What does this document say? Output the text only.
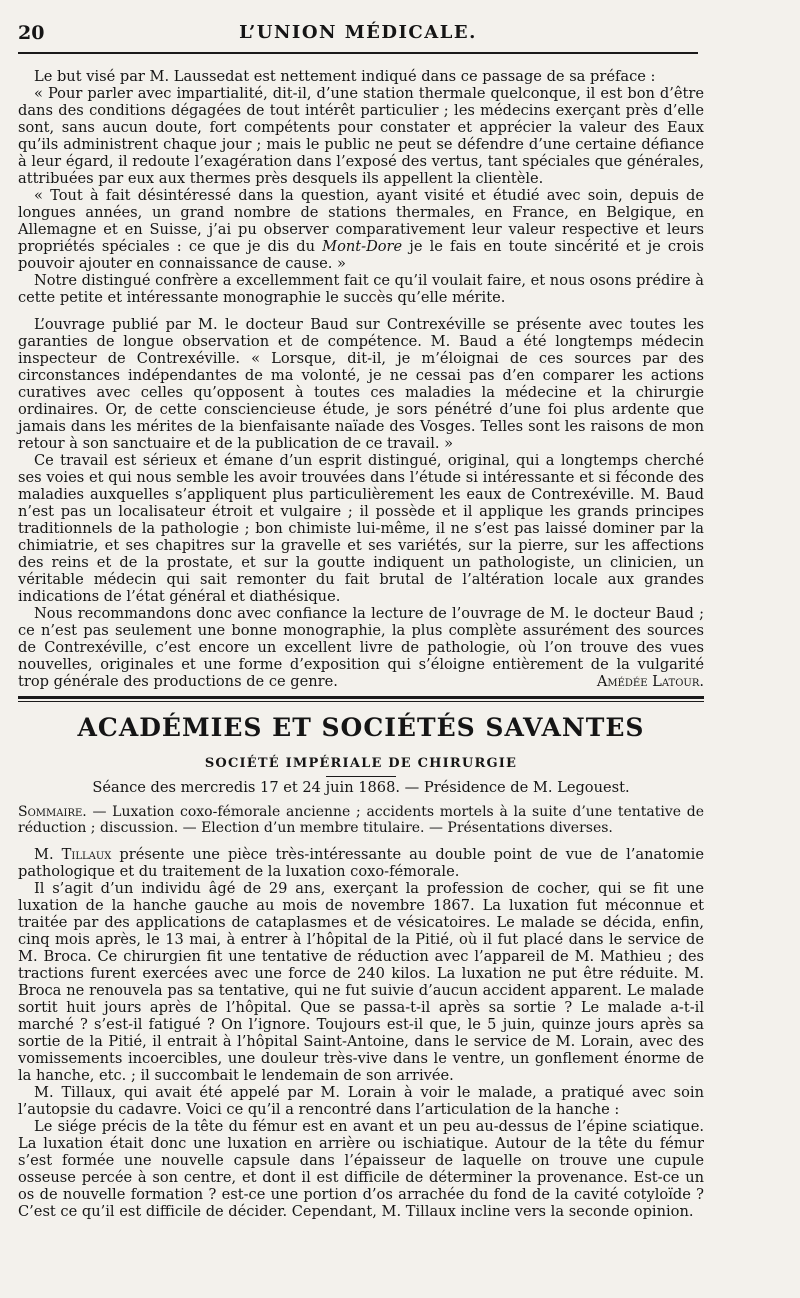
20	L’UNION MÉDICALE.

Le but visé par M. Laussedat est nettement indiqué dans ce passage de sa préface :

« Pour parler avec impartialité, dit-il, d’une station thermale quelconque, il est bon d’être dans des conditions dégagées de tout intérêt particulier ; les médecins exerçant près d’elle sont, sans aucun doute, fort compétents pour constater et apprécier la valeur des Eaux qu’ils administrent chaque jour ; mais le public ne peut se défendre d’une certaine défiance à leur égard, il redoute l’exagération dans l’exposé des vertus, tant spéciales que générales, attribuées par eux aux thermes près desquels ils appellent la clientèle.

« Tout à fait désintéressé dans la question, ayant visité et étudié avec soin, depuis de longues années, un grand nombre de stations thermales, en France, en Belgique, en Allemagne et en Suisse, j’ai pu observer comparativement leur valeur respective et leurs propriétés spéciales : ce que je dis du Mont-Dore je le fais en toute sincérité et je crois pouvoir ajouter en connaissance de cause. »

Notre distingué confrère a excellemment fait ce qu’il voulait faire, et nous osons prédire à cette petite et intéressante monographie le succès qu’elle mérite.

L’ouvrage publié par M. le docteur Baud sur Contrexéville se présente avec toutes les garanties de longue observation et de compétence. M. Baud a été longtemps médecin inspecteur de Contrexéville. « Lorsque, dit-il, je m’éloignai de ces sources par des circonstances indépendantes de ma volonté, je ne cessai pas d’en comparer les actions curatives avec celles qu’opposent à toutes ces maladies la médecine et la chirurgie ordinaires. Or, de cette consciencieuse étude, je sors pénétré d’une foi plus ardente que jamais dans les mérites de la bienfaisante naïade des Vosges. Telles sont les raisons de mon retour à son sanctuaire et de la publication de ce travail. »

Ce travail est sérieux et émane d’un esprit distingué, original, qui a longtemps cherché ses voies et qui nous semble les avoir trouvées dans l’étude si intéressante et si féconde des maladies auxquelles s’appliquent plus particulièrement les eaux de Contrexéville. M. Baud n’est pas un localisateur étroit et vulgaire ; il possède et il applique les grands principes traditionnels de la pathologie ; bon chimiste lui-même, il ne s’est pas laissé dominer par la chimiatrie, et ses chapitres sur la gravelle et ses variétés, sur la pierre, sur les affections des reins et de la prostate, et sur la goutte indiquent un pathologiste, un clinicien, un véritable médecin qui sait remonter du fait brutal de l’altération locale aux grandes indications de l’état général et diathésique.

Nous recommandons donc avec confiance la lecture de l’ouvrage de M. le docteur Baud ; ce n’est pas seulement une bonne monographie, la plus complète assurément des sources de Contrexéville, c’est encore un excellent livre de pathologie, où l’on trouve des vues nouvelles, originales et une forme d’exposition qui s’éloigne entièrement de la vulgarité trop générale des productions de ce genre.	Amédée Latour.

ACADÉMIES ET SOCIÉTÉS SAVANTES
SOCIÉTÉ IMPÉRIALE DE CHIRURGIE

Séance des mercredis 17 et 24 juin 1868. — Présidence de M. Legouest.

Sommaire. — Luxation coxo-fémorale ancienne ; accidents mortels à la suite d’une tentative de réduction ; discussion. — Election d’un membre titulaire. — Présentations diverses.

M. Tillaux présente une pièce très-intéressante au double point de vue de l’anatomie pathologique et du traitement de la luxation coxo-fémorale.

Il s’agit d’un individu âgé de 29 ans, exerçant la profession de cocher, qui se fit une luxation de la hanche gauche au mois de novembre 1867. La luxation fut méconnue et traitée par des applications de cataplasmes et de vésicatoires. Le malade se décida, enfin, cinq mois après, le 13 mai, à entrer à l’hôpital de la Pitié, où il fut placé dans le service de M. Broca. Ce chirurgien fit une tentative de réduction avec l’appareil de M. Mathieu ; des tractions furent exercées avec une force de 240 kilos. La luxation ne put être réduite. M. Broca ne renouvela pas sa tentative, qui ne fut suivie d’aucun accident apparent. Le malade sortit huit jours après de l’hôpital. Que se passa-t-il après sa sortie ? Le malade a-t-il marché ? s’est-il fatigué ? On l’ignore. Toujours est-il que, le 5 juin, quinze jours après sa sortie de la Pitié, il entrait à l’hôpital Saint-Antoine, dans le service de M. Lorain, avec des vomissements incoercibles, une douleur très-vive dans le ventre, un gonflement énorme de la hanche, etc. ; il succombait le lendemain de son arrivée.

M. Tillaux, qui avait été appelé par M. Lorain à voir le malade, a pratiqué avec soin l’autopsie du cadavre. Voici ce qu’il a rencontré dans l’articulation de la hanche :

Le siége précis de la tête du fémur est en avant et un peu au-dessus de l’épine sciatique. La luxation était donc une luxation en arrière ou ischiatique. Autour de la tête du fémur s’est formée une nouvelle capsule dans l’épaisseur de laquelle on trouve une cupule osseuse percée à son centre, et dont il est difficile de déterminer la provenance. Est-ce un os de nouvelle formation ? est-ce une portion d’os arrachée du fond de la cavité cotyloïde ? C’est ce qu’il est difficile de décider. Cependant, M. Tillaux incline vers la seconde opinion.
